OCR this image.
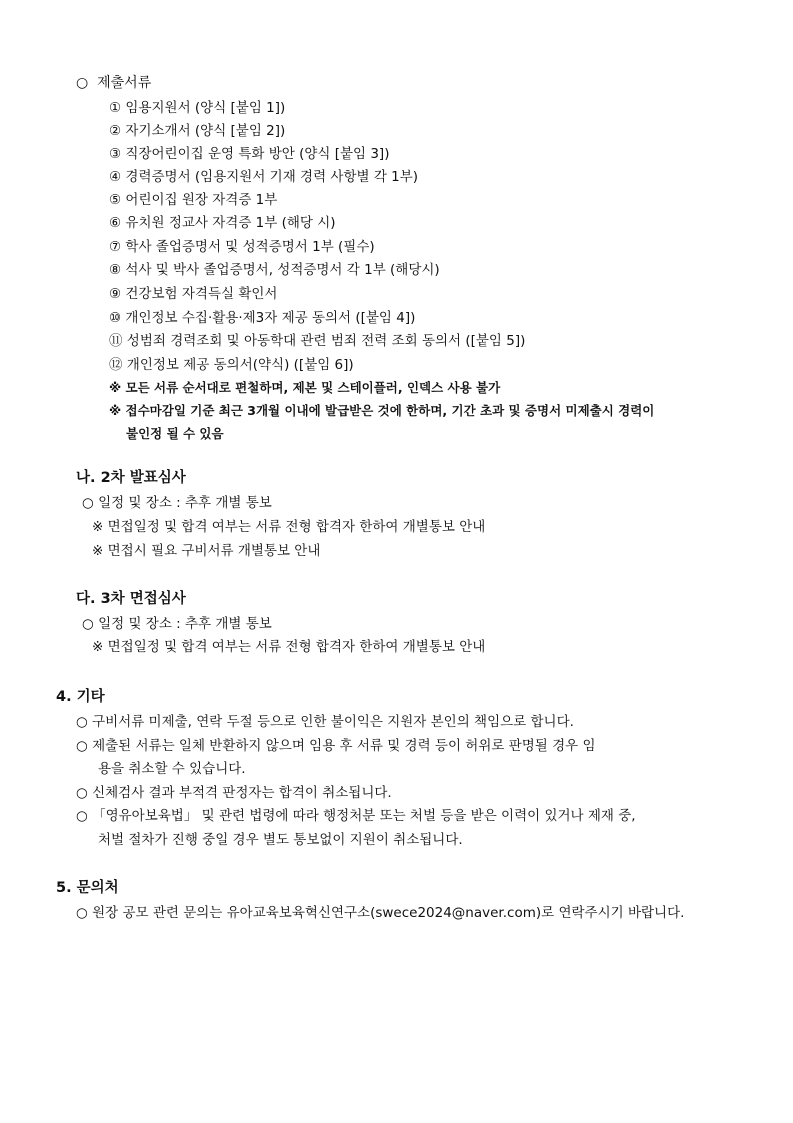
○ 제출서류
① 임용지원서 (양식 [붙임 1])
② 자기소개서 (양식 [붙임 2])
③ 직장어린이집 운영 특화 방안 (양식 [붙임 3])
④ 경력증명서 (임용지원서 기재 경력 사항별 각 1부)
⑤ 어린이집 원장 자격증 1부
⑥ 유치원 정교사 자격증 1부 (해당 시)
⑦ 학사 졸업증명서 및 성적증명서 1부 (필수)
⑧ 석사 및 박사 졸업증명서, 성적증명서 각 1부 (해당시)
⑨ 건강보험 자격득실 확인서
⑩ 개인정보 수집·활용·제3자 제공 동의서 ([붙임 4])
⑪ 성범죄 경력조회 및 아동학대 관련 범죄 전력 조회 동의서 ([붙임 5])
⑫ 개인정보 제공 동의서(약식) ([붙임 6])
※ 모든 서류 순서대로 편철하며, 제본 및 스테이플러, 인덱스 사용 불가
※ 접수마감일 기준 최근 3개월 이내에 발급받은 것에 한하며, 기간 초과 및 증명서 미제출시 경력이
불인정 될 수 있음
나. 2차 발표심사
○ 일정 및 장소 : 추후 개별 통보
※ 면접일정 및 합격 여부는 서류 전형 합격자 한하여 개별통보 안내
※ 면접시 필요 구비서류 개별통보 안내
다. 3차 면접심사
○ 일정 및 장소 : 추후 개별 통보
※ 면접일정 및 합격 여부는 서류 전형 합격자 한하여 개별통보 안내
4. 기타
○ 구비서류 미제출, 연락 두절 등으로 인한 불이익은 지원자 본인의 책임으로 합니다.
○ 제출된 서류는 일체 반환하지 않으며 임용 후 서류 및 경력 등이 허위로 판명될 경우 임
용을 취소할 수 있습니다.
○ 신체검사 결과 부적격 판정자는 합격이 취소됩니다.
○ 「영유아보육법」 및 관련 법령에 따라 행정처분 또는 처벌 등을 받은 이력이 있거나 제재 중,
처벌 절차가 진행 중일 경우 별도 통보없이 지원이 취소됩니다.
5. 문의처
○ 원장 공모 관련 문의는 유아교육보육혁신연구소(swece2024@naver.com)로 연락주시기 바랍니다.
